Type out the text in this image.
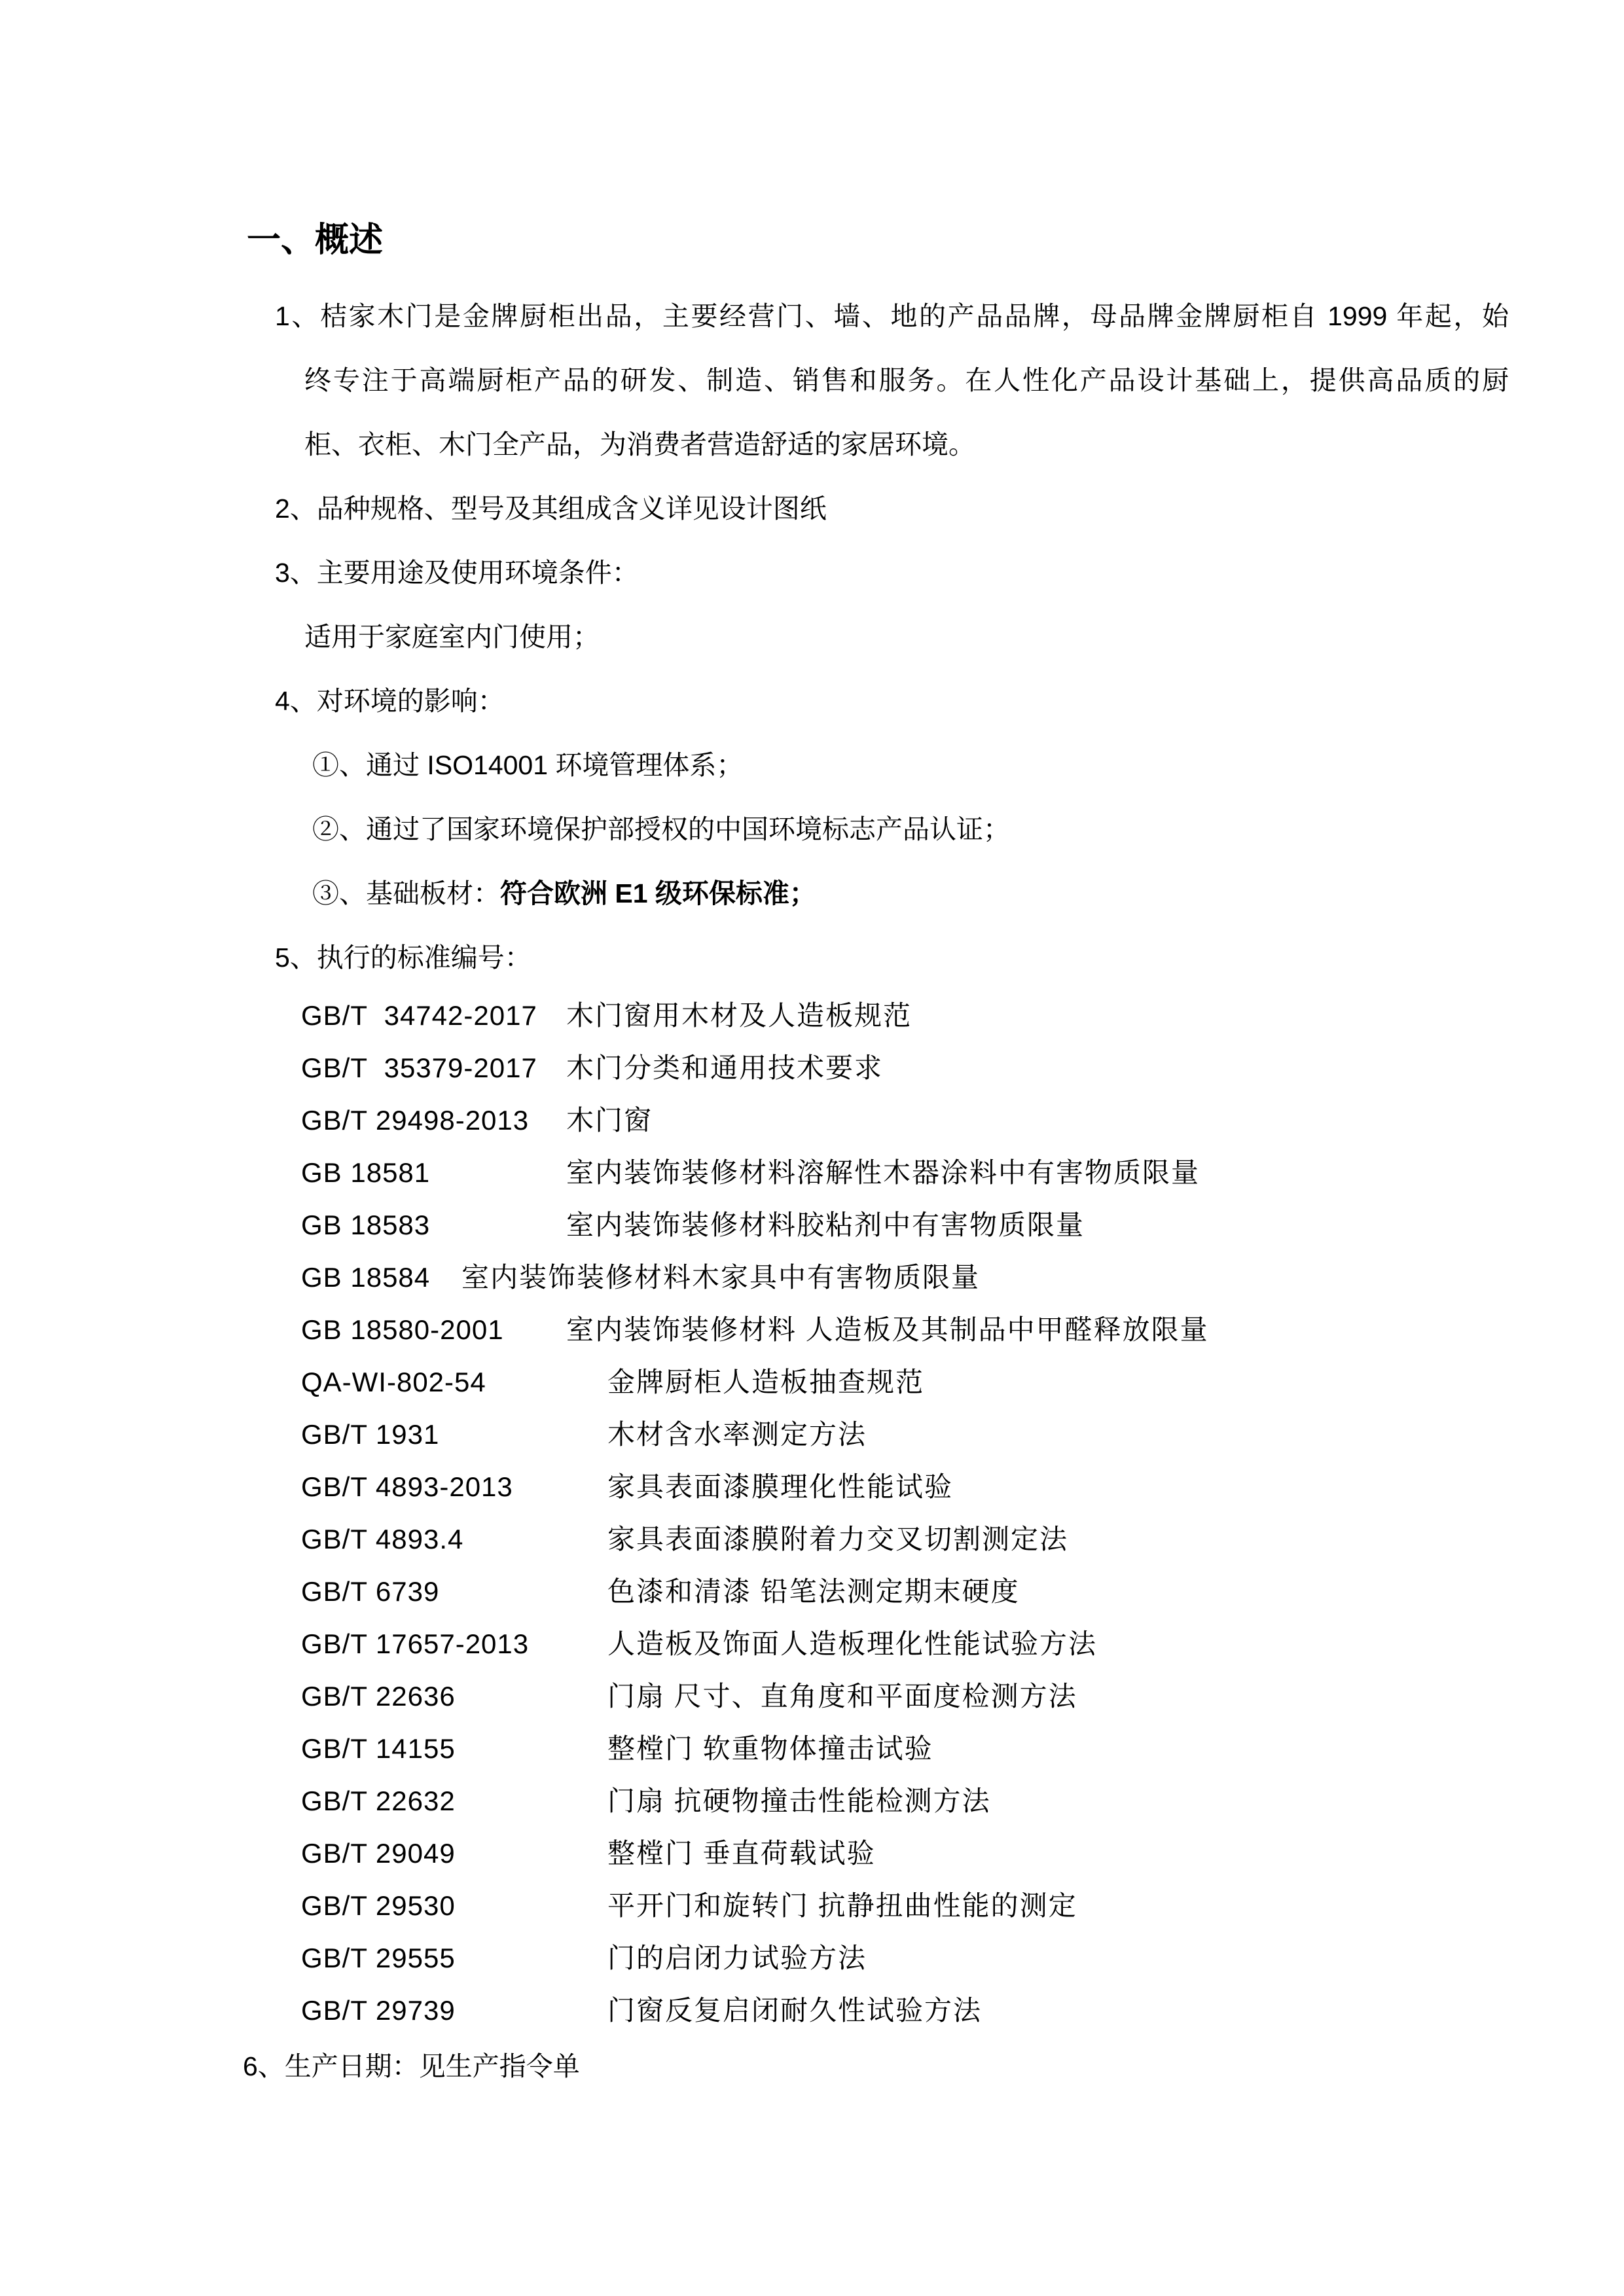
一、概述
1、桔家木门是金牌厨柜出品，主要经营门、墙、地的产品品牌，母品牌金牌厨柜自 1999 年起，始
终专注于高端厨柜产品的研发、制造、销售和服务。在人性化产品设计基础上，提供高品质的厨
柜、衣柜、木门全产品，为消费者营造舒适的家居环境。
2、品种规格、型号及其组成含义详见设计图纸
3、主要用途及使用环境条件：
适用于家庭室内门使用；
4、对环境的影响：
①、通过 ISO14001 环境管理体系；
②、通过了国家环境保护部授权的中国环境标志产品认证；
③、基础板材：符合欧洲 E1 级环保标准；
5、执行的标准编号：
GB/T  34742-2017	木门窗用木材及人造板规范
GB/T  35379-2017	木门分类和通用技术要求
GB/T 29498-2013	木门窗
GB 18581	室内装饰装修材料溶解性木器涂料中有害物质限量
GB 18583	室内装饰装修材料胶粘剂中有害物质限量
GB 18584	室内装饰装修材料木家具中有害物质限量
GB 18580-2001	室内装饰装修材料 人造板及其制品中甲醛释放限量
QA-WI-802-54	金牌厨柜人造板抽查规范
GB/T 1931	木材含水率测定方法
GB/T 4893-2013	家具表面漆膜理化性能试验
GB/T 4893.4	家具表面漆膜附着力交叉切割测定法
GB/T 6739	色漆和清漆 铅笔法测定期末硬度
GB/T 17657-2013	人造板及饰面人造板理化性能试验方法
GB/T 22636	门扇 尺寸、直角度和平面度检测方法
GB/T 14155	整樘门 软重物体撞击试验
GB/T 22632	门扇 抗硬物撞击性能检测方法
GB/T 29049	整樘门 垂直荷载试验
GB/T 29530	平开门和旋转门 抗静扭曲性能的测定
GB/T 29555	门的启闭力试验方法
GB/T 29739	门窗反复启闭耐久性试验方法
6、生产日期：见生产指令单
